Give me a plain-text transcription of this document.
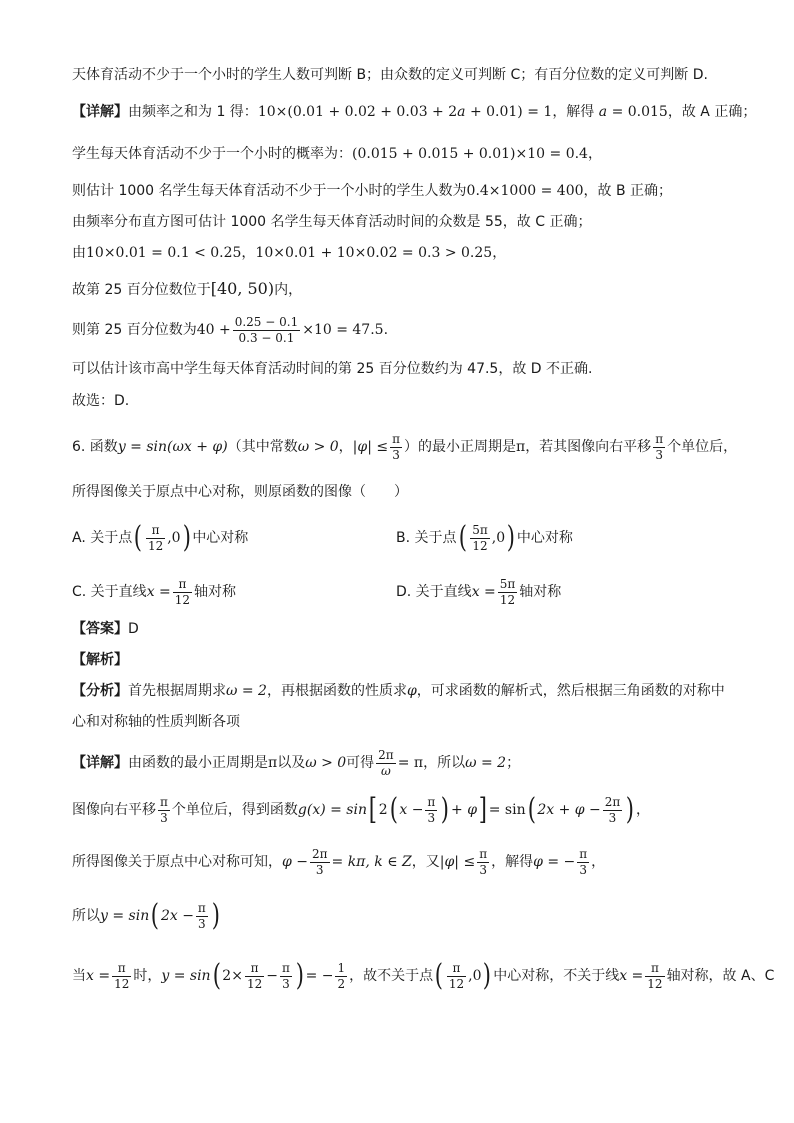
天体育活动不少于一个小时的学生人数可判断 B；由众数的定义可判断 C；有百分位数的定义可判断 D.
【详解】由频率之和为 1 得：10×(0.01 + 0.02 + 0.03 + 2a + 0.01) = 1，解得 a = 0.015，故 A 正确；
学生每天体育活动不少于一个小时的概率为：(0.015 + 0.015 + 0.01)×10 = 0.4，
则估计 1000 名学生每天体育活动不少于一个小时的学生人数为0.4×1000 = 400，故 B 正确；
由频率分布直方图可估计 1000 名学生每天体育活动时间的众数是 55，故 C 正确；
由10×0.01 = 0.1 < 0.25，10×0.01 + 10×0.02 = 0.3 > 0.25，
故第 25 百分位数位于[40, 50)内，
则第 25 百分位数为$40 + \frac{0.25 - 0.1}{0.3 - 0.1} \times 10 = 47.5$.
可以估计该市高中学生每天体育活动时间的第 25 百分位数约为 47.5，故 D 不正确.
故选：D.
6. 函数y = sin(ωx + φ)（其中常数ω > 0，$|\varphi| \le \frac{\pi}{3}$ ）的最小正周期是π，若其图像向右平移 $\frac{\pi}{3}$ 个单位后，
所得图像关于原点中心对称，则原函数的图像（　　）
A. 关于点( $\frac{\pi}{12} ,0$) 中心对称	B. 关于点( $\frac{5\pi}{12} ,0$) 中心对称
C. 关于直线$x = \frac{\pi}{12}$ 轴对称	D. 关于直线$x = \frac{5\pi}{12}$ 轴对称
【答案】D
【解析】
【分析】首先根据周期求ω = 2，再根据函数的性质求φ，可求函数的解析式，然后根据三角函数的对称中
心和对称轴的性质判断各项
【详解】由函数的最小正周期是π以及ω > 0可得 $\frac{2\pi}{\omega} = \pi$，所以ω = 2；
图像向右平移 $\frac{\pi}{3}$ 个单位后，得到函数g(x) = sin[ 2( $x - \frac{\pi}{3}$ ) + φ] = sin( $2x + \varphi - \frac{2\pi}{3}$ ) ，
所得图像关于原点中心对称可知，$\varphi - \frac{2\pi}{3} = k\pi$, k ∈ Z，又$|\varphi| \le \frac{\pi}{3}$ ，解得φ = − $\frac{\pi}{3}$ ，
所以y = sin( $2x - \frac{\pi}{3}$ )
当$x = \frac{\pi}{12}$ 时，y = sin( $2\times \frac{\pi}{12} - \frac{\pi}{3}$ ) = − $\frac{1}{2}$ ，故不关于点( $\frac{\pi}{12} ,0$) 中心对称，不关于线$x = \frac{\pi}{12}$ 轴对称，故 A、C
